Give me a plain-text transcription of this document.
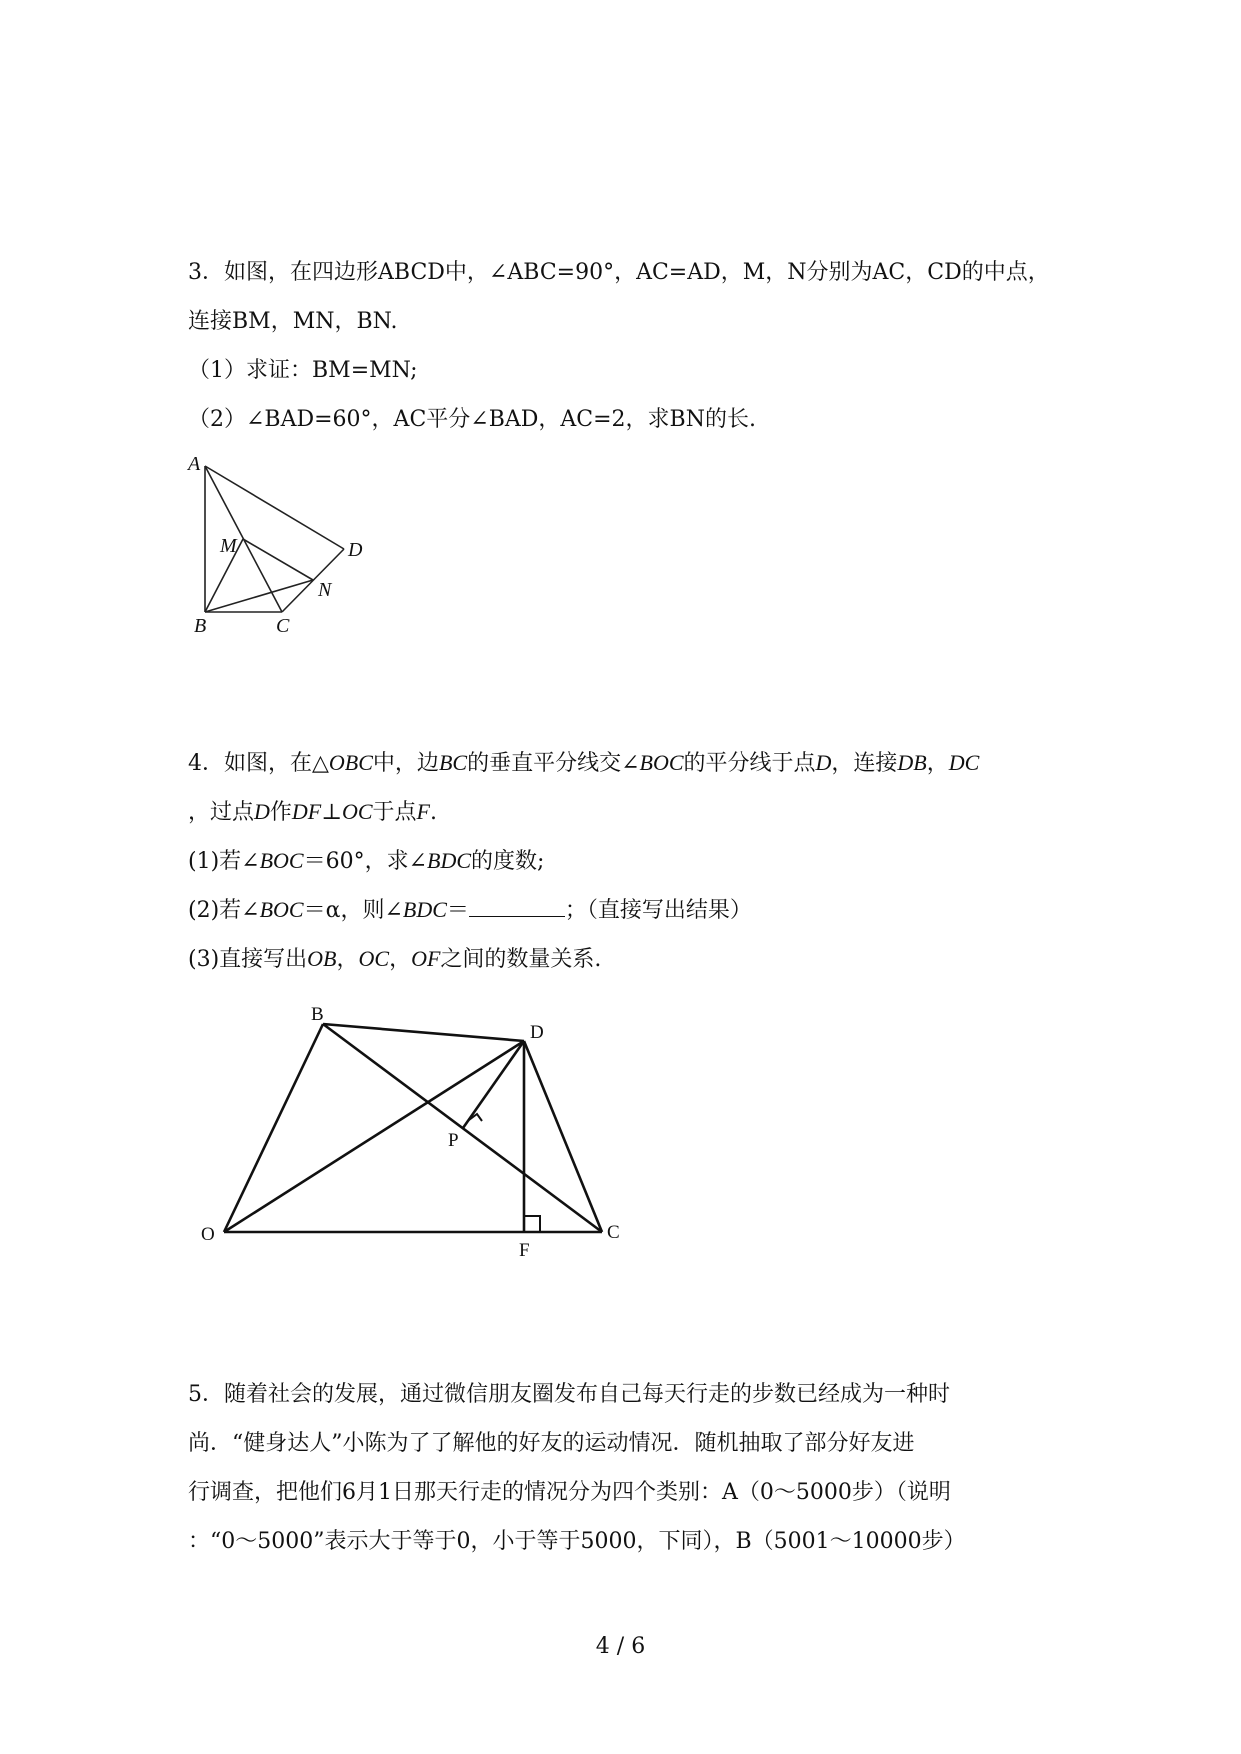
3．如图，在四边形ABCD中，∠ABC=90°，AC=AD，M，N分别为AC，CD的中点，
连接BM，MN，BN.
（1）求证：BM=MN;
（2）∠BAD=60°，AC平分∠BAD，AC=2，求BN的长.
A
B	C
D
M
N
4．如图，在△OBC中，边BC的垂直平分线交∠BOC的平分线于点D，连接DB，DC
，过点D作DF⊥OC于点F.
(1)若∠BOC＝60°，求∠BDC的度数;
(2)若∠BOC＝α，则∠BDC＝	；（直接写出结果）
(3)直接写出OB，OC，OF之间的数量关系.
B
D
P
O
F
C
5．随着社会的发展，通过微信朋友圈发布自己每天行走的步数已经成为一种时
尚．“健身达人”小陈为了了解他的好友的运动情况．随机抽取了部分好友进
行调查，把他们6月1日那天行走的情况分为四个类别：A（0～5000步）（说明
：“0～5000”表示大于等于0，小于等于5000，下同），B（5001～10000步）
4 / 6
